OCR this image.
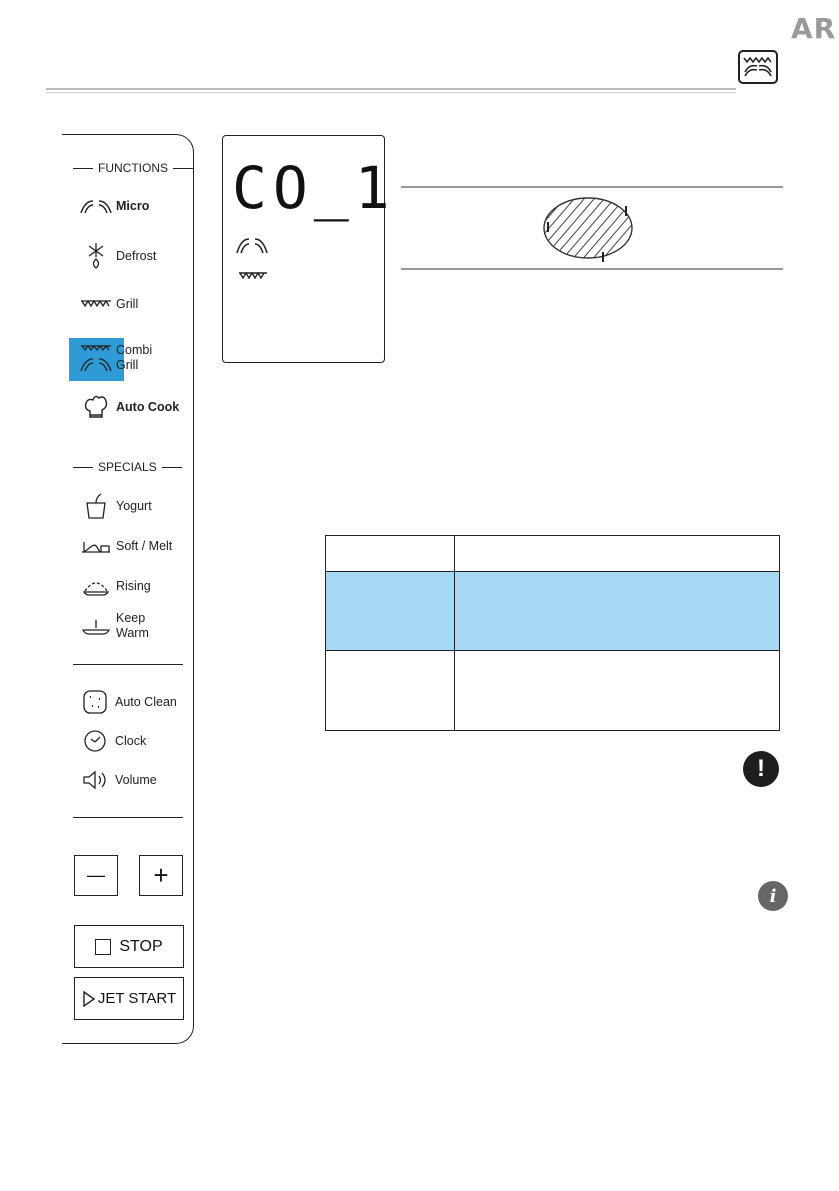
AR
FUNCTIONS
Micro
Defrost
Grill
Combi
Grill
Auto Cook
SPECIALS
Yogurt
Soft / Melt
Rising
Keep
Warm
Auto Clean
Clock
Volume
—	+
STOP
JET START
CO_1

!
i
